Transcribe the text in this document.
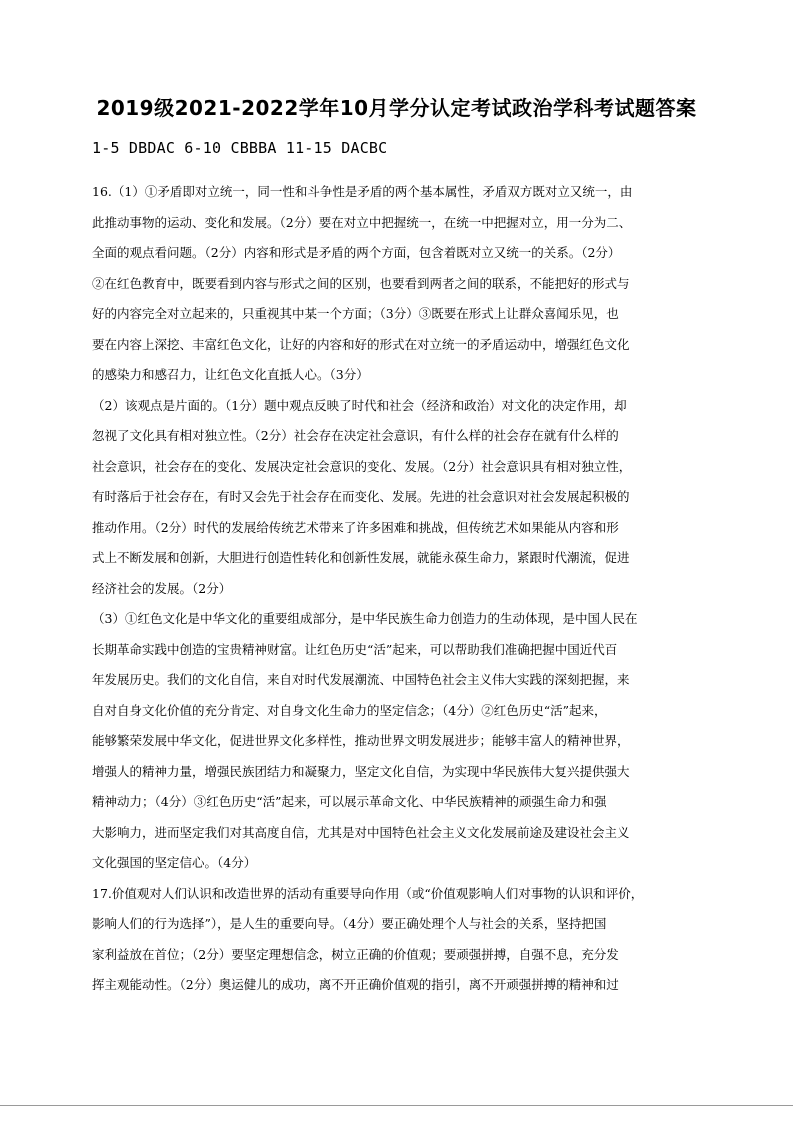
2019级2021-2022学年10月学分认定考试政治学科考试题答案
1-5 DBDAC 6-10 CBBBA 11-15 DACBC
16.（1）①矛盾即对立统一，同一性和斗争性是矛盾的两个基本属性，矛盾双方既对立又统一，由
此推动事物的运动、变化和发展。（2分）要在对立中把握统一，在统一中把握对立，用一分为二、
全面的观点看问题。（2分）内容和形式是矛盾的两个方面，包含着既对立又统一的关系。（2分）
②在红色教育中，既要看到内容与形式之间的区别，也要看到两者之间的联系，不能把好的形式与
好的内容完全对立起来的，只重视其中某一个方面；（3分）③既要在形式上让群众喜闻乐见，也
要在内容上深挖、丰富红色文化，让好的内容和好的形式在对立统一的矛盾运动中，增强红色文化
的感染力和感召力，让红色文化直抵人心。（3分）
（2）该观点是片面的。（1分）题中观点反映了时代和社会（经济和政治）对文化的决定作用，却
忽视了文化具有相对独立性。（2分）社会存在决定社会意识，有什么样的社会存在就有什么样的
社会意识，社会存在的变化、发展决定社会意识的变化、发展。（2分）社会意识具有相对独立性，
有时落后于社会存在，有时又会先于社会存在而变化、发展。先进的社会意识对社会发展起积极的
推动作用。（2分）时代的发展给传统艺术带来了许多困难和挑战，但传统艺术如果能从内容和形
式上不断发展和创新，大胆进行创造性转化和创新性发展，就能永葆生命力，紧跟时代潮流，促进
经济社会的发展。（2分）
（3）①红色文化是中华文化的重要组成部分，是中华民族生命力创造力的生动体现，是中国人民在
长期革命实践中创造的宝贵精神财富。让红色历史“活”起来，可以帮助我们准确把握中国近代百
年发展历史。我们的文化自信，来自对时代发展潮流、中国特色社会主义伟大实践的深刻把握，来
自对自身文化价值的充分肯定、对自身文化生命力的坚定信念；（4分）②红色历史“活”起来，
能够繁荣发展中华文化，促进世界文化多样性，推动世界文明发展进步；能够丰富人的精神世界，
增强人的精神力量，增强民族团结力和凝聚力，坚定文化自信，为实现中华民族伟大复兴提供强大
精神动力；（4分）③红色历史“活”起来，可以展示革命文化、中华民族精神的顽强生命力和强
大影响力，进而坚定我们对其高度自信，尤其是对中国特色社会主义文化发展前途及建设社会主义
文化强国的坚定信心。（4分）
17.价值观对人们认识和改造世界的活动有重要导向作用（或“价值观影响人们对事物的认识和评价，
影响人们的行为选择”），是人生的重要向导。（4分）要正确处理个人与社会的关系，坚持把国
家利益放在首位；（2分）要坚定理想信念，树立正确的价值观；要顽强拼搏，自强不息，充分发
挥主观能动性。（2分）奥运健儿的成功，离不开正确价值观的指引，离不开顽强拼搏的精神和过
